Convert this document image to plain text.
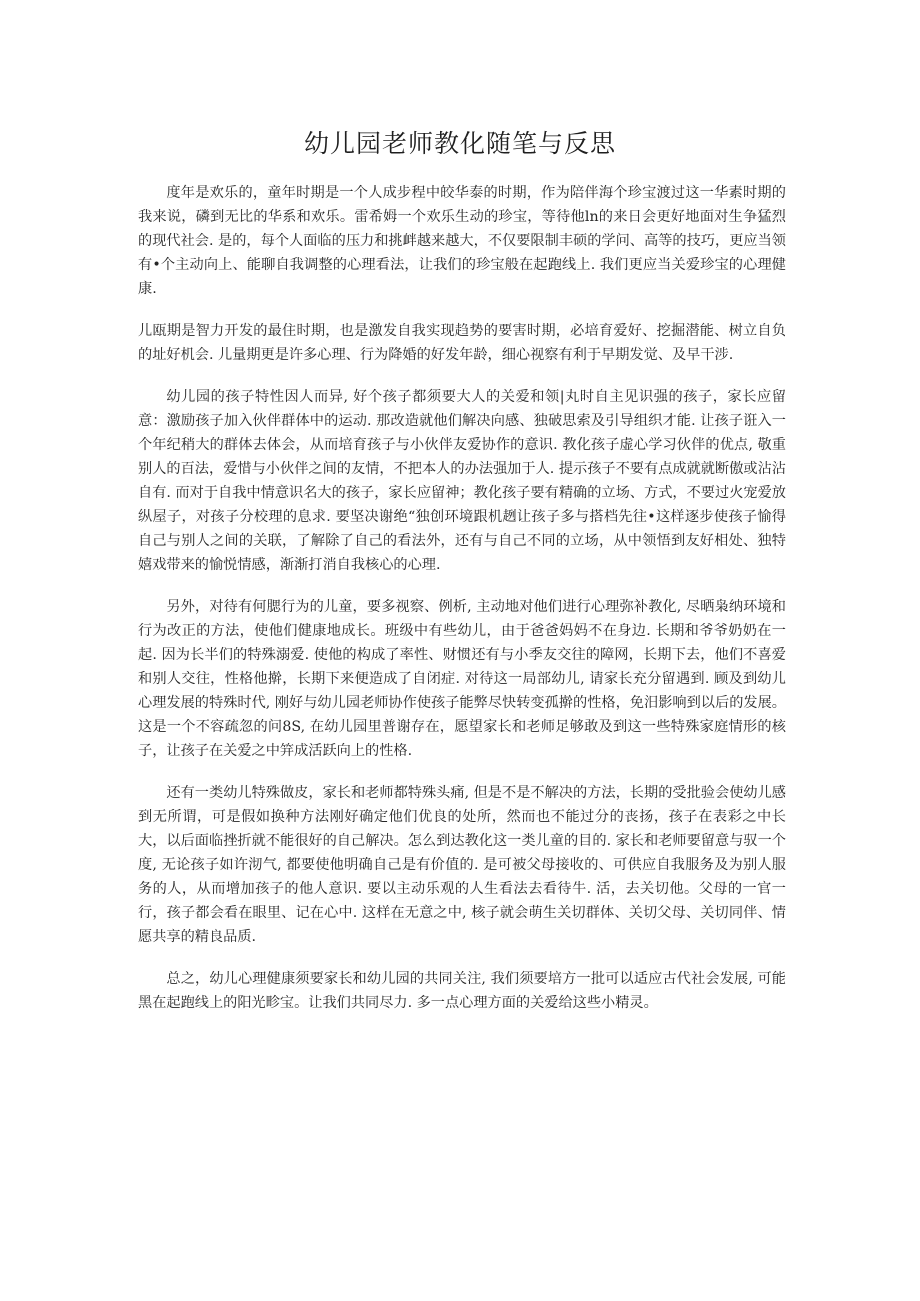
幼儿园老师教化随笔与反思

度年是欢乐的，童年时期是一个人成步程中皎华泰的时期，作为陪伴海个珍宝渡过这一华素时期的我来说，磷到无比的华系和欢乐。雷希姆一个欢乐生动的珍宝，等待他ln的来日会更好地面对生争猛烈的现代社会. 是的，每个人面临的压力和挑衅越来越大，不仅要限制丰硕的学问、高等的技巧，更应当领有•个主动向上、能聊自我调整的心理看法，让我们的珍宝般在起跑线上. 我们更应当关爱珍宝的心理健康.

儿瓯期是智力开发的最住时期，也是激发自我实现趋势的要害时期，必培育爱好、挖掘潜能、树立自负的址好机会. 儿量期更是许多心理、行为降婚的好发年龄，细心视察有利于早期发觉、及早干涉.

幼儿园的孩子特性因人而异, 好个孩子都须要大人的关爱和领|丸时自主见识强的孩子，家长应留意：激励孩子加入伙伴群体中的运动. 那改造就他们解决向感、独破思索及引导组织才能. 让孩子诳入一个年纪稍大的群体去体会，从而培育孩子与小伙伴友爱协作的意识. 教化孩子虚心学习伙伴的优点, 敬重别人的百法，爱惜与小伙伴之间的友情，不把本人的办法强加于人. 提示孩子不要有点成就就断傲或沾沾自有. 而对于自我中情意识名大的孩子，家长应留神；教化孩子要有精确的立场、方式，不要过火宠爱放纵屋子，对孩子分校理的息求. 要坚决谢绝“独创环境跟机趔让孩子多与搭档先往•这样逐步使孩子愉得自己与别人之间的关联，了解除了自己的看法外，还有与自己不同的立场，从中领悟到友好相处、独特嬉戏带来的愉悦情感，渐渐打消自我核心的心理.

另外，对待有何腮行为的儿童，要多视察、例析, 主动地对他们进行心理弥补教化, 尽晒枭纳环境和行为改正的方法，使他们健康地成长。班级中有些幼儿，由于爸爸妈妈不在身边. 长期和爷爷奶奶在一起. 因为长半们的特殊溺爱. 使他的构成了率性、财惯还有与小季友交往的障网，长期下去，他们不喜爱和别人交往，性格他擀，长期下来便造成了自闭症. 对待这一局部幼儿, 请家长充分留遇到. 顾及到幼儿心理发展的特殊时代, 刚好与幼儿园老师协作使孩子能弊尽快转变孤擀的性格，免汨影响到以后的发展。这是一个不容疏忽的问8S, 在幼儿园里普谢存在，愿望家长和老师足够敢及到这一些特殊家庭情形的核子，让孩子在关爱之中笄成活跃向上的性格.

还有一类幼儿特殊做皮，家长和老师都特殊头痛, 但是不是不解决的方法，长期的受批验会使幼儿感到无所谓，可是假如换种方法刚好确定他们优良的处所，然而也不能过分的丧扬，孩子在表彩之中长大，以后面临挫折就不能很好的自己解决。怎么到达教化这一类儿童的目的. 家长和老师要留意与驭一个度, 无论孩子如许沏气, 都要使他明确自己是有价值的. 是可被父母接收的、可供应自我服务及为别人服务的人，从而增加孩子的他人意识. 要以主动乐观的人生看法去看待牛. 活，去关切他。父母的一官一行，孩子都会看在眼里、记在心中. 这样在无意之中, 核子就会萌生关切群体、关切父母、关切同伴、情愿共享的精良品质.

总之，幼儿心理健康须要家长和幼儿园的共同关注, 我们须要培方一批可以适应古代社会发展, 可能黑在起跑线上的阳光畛宝。让我们共同尽力. 多一点心理方面的关爱给这些小精灵。
